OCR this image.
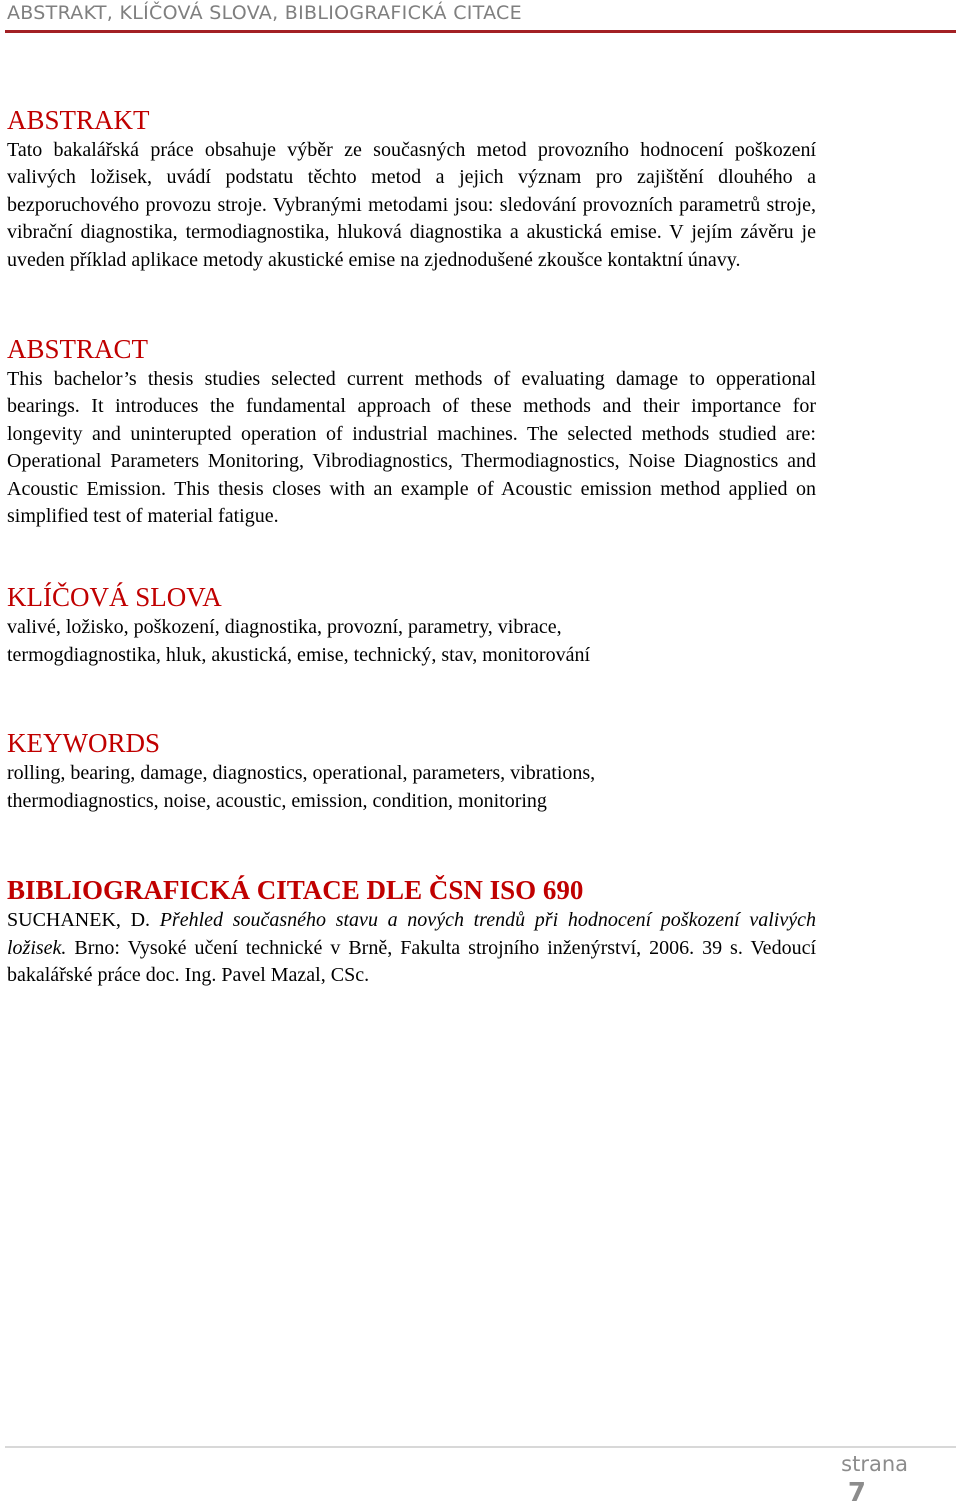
ABSTRAKT, KLÍČOVÁ SLOVA, BIBLIOGRAFICKÁ CITACE
ABSTRAKT

Tato bakalářská práce obsahuje výběr ze současných metod provozního hodnocení poškození valivých ložisek, uvádí podstatu těchto metod a jejich význam pro zajištění dlouhého a bezporuchového provozu stroje. Vybranými metodami jsou: sledování provozních parametrů stroje, vibrační diagnostika, termodiagnostika, hluková diagnostika a akustická emise. V jejím závěru je uveden příklad aplikace metody akustické emise na zjednodušené zkoušce kontaktní únavy.

ABSTRACT

This bachelor’s thesis studies selected current methods of evaluating damage to opperational bearings. It introduces the fundamental approach of these methods and their importance for longevity and uninterupted operation of industrial machines. The selected methods studied are: Operational Parameters Monitoring, Vibrodiagnostics, Thermodiagnostics, Noise Diagnostics and Acoustic Emission. This thesis closes with an example of Acoustic emission method applied on simplified test of material fatigue.

KLÍČOVÁ SLOVA

valivé, ložisko, poškození, diagnostika, provozní, parametry, vibrace,

termogdiagnostika, hluk, akustická, emise, technický, stav, monitorování

KEYWORDS

rolling, bearing, damage, diagnostics, operational, parameters, vibrations,

thermodiagnostics, noise, acoustic, emission, condition, monitoring

BIBLIOGRAFICKÁ CITACE DLE ČSN ISO 690

SUCHANEK, D. Přehled současného stavu a nových trendů při hodnocení poškození valivých ložisek. Brno: Vysoké učení technické v Brně, Fakulta strojního inženýrství, 2006. 39 s. Vedoucí bakalářské práce doc. Ing. Pavel Mazal, CSc.

strana
7
